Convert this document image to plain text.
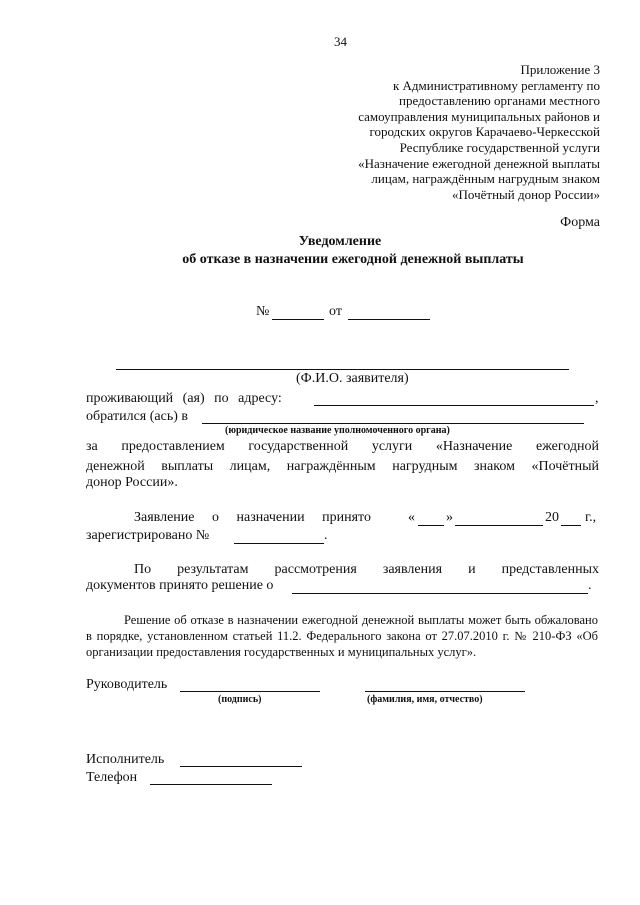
34
Приложение 3
к Административному регламенту по
предоставлению органами местного
самоуправления муниципальных районов и
городских округов Карачаево-Черкесской
Республике государственной услуги
«Назначение ежегодной денежной выплаты
лицам, награждённым нагрудным знаком
«Почётный донор России»
Форма
Уведомление
об отказе в назначении ежегодной денежной выплаты
№	от
(Ф.И.О. заявителя)
проживающий (ая) по адресу:	,
обратился (ась) в
(юридическое название уполномоченного органа)
за предоставлением государственной услуги «Назначение ежегодной
денежной выплаты лицам, награждённым нагрудным знаком «Почётный
донор России».
Заявление о назначении принято	« »	20 г.,
зарегистрировано №	.
По результатам рассмотрения заявления и представленных
документов принято решение о	.
Решение об отказе в назначении ежегодной денежной выплаты может быть обжаловано в порядке, установленном статьей 11.2. Федерального закона от 27.07.2010 г. № 210-ФЗ «Об организации предоставления государственных и муниципальных услуг».
Руководитель
(подпись)	(фамилия, имя, отчество)
Исполнитель
Телефон
